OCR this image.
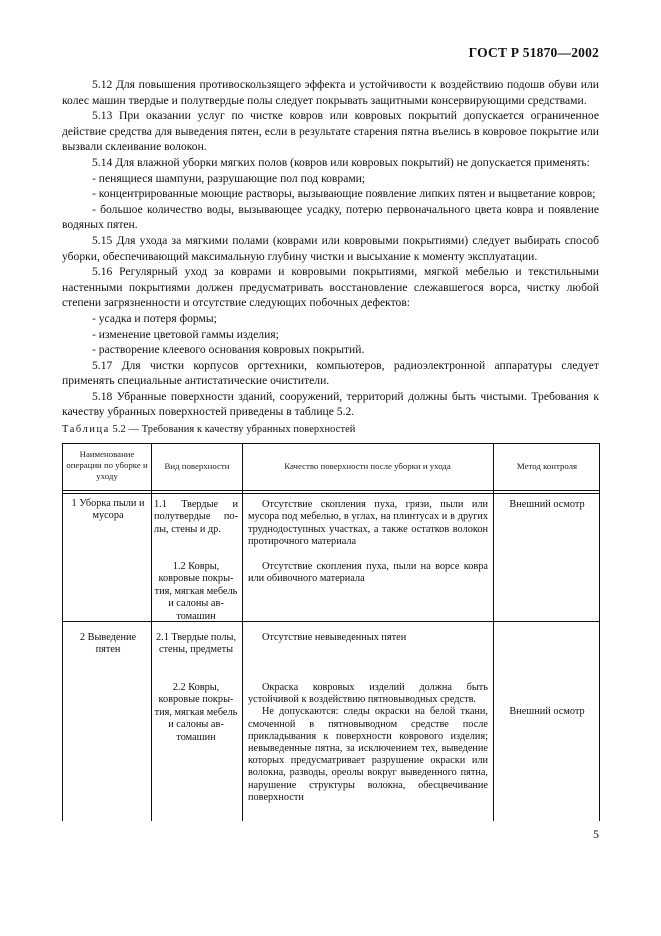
ГОСТ Р 51870—2002

5.12 Для повышения противоскользящего эффекта и устойчивости к воздействию подошв обуви или колес машин твердые и полутвердые полы следует покрывать защитными консервирующими средствами.

5.13 При оказании услуг по чистке ковров или ковровых покрытий допускается ограниченное действие средства для выведения пятен, если в результате старения пятна въелись в ковровое покрытие или вызвали склеивание волокон.

5.14 Для влажной уборки мягких полов (ковров или ковровых покрытий) не допускается применять:

- пенящиеся шампуни, разрушающие пол под коврами;

- концентрированные моющие растворы, вызывающие появление липких пятен и выцветание ковров;

- большое количество воды, вызывающее усадку, потерю первоначального цвета ковра и появление водяных пятен.

5.15 Для ухода за мягкими полами (коврами или ковровыми покрытиями) следует выбирать способ уборки, обеспечивающий максимальную глубину чистки и высыхание к моменту эксплуатации.

5.16 Регулярный уход за коврами и ковровыми покрытиями, мягкой мебелью и текстильными настенными покрытиями должен предусматривать восстановление слежавшегося ворса, чистку любой степени загрязненности и отсутствие следующих побочных дефектов:

- усадка и потеря формы;

- изменение цветовой гаммы изделия;

- растворение клеевого основания ковровых покрытий.

5.17 Для чистки корпусов оргтехники, компьютеров, радиоэлектронной аппаратуры следует применять специальные антистатические очистители.

5.18 Убранные поверхности зданий, сооружений, территорий должны быть чистыми. Требования к качеству убранных поверхностей приведены в таблице 5.2.

Таблица 5.2 — Требования к качеству убранных поверхностей
Наименование операции по уборке и уходу
Вид поверхности	Качество поверхности после уборки и ухода	Метод контроля
1 Уборка пыли и мусора
Внешний осмотр
1.1 Твердые и полутвердые полы, стены и др.
Отсутствие скопления пуха, грязи, пыли или мусора под мебелью, в углах, на плинтусах и в других труднодоступных участках, а также остатков волокон протирочного материала
1.2 Ковры, ковровые покрытия, мягкая мебель и салоны автомашин
Отсутствие скопления пуха, пыли на ворсе ковра или обивочного материала
2 Выведение пятен
Внешний осмотр
2.1 Твердые полы, стены, предметы
Отсутствие невыведенных пятен
2.2 Ковры, ковровые покрытия, мягкая мебель и салоны автомашин
Окраска ковровых изделий должна быть устойчивой к воздействию пятновыводных средств.
Не допускаются: следы окраски на белой ткани, смоченной в пятновыводном средстве после прикладывания к поверхности коврового изделия; невыведенные пятна, за исключением тех, выведение которых предусматривает разрушение окраски или волокна, разводы, ореолы вокруг выведенного пятна, нарушение структуры волокна, обесцвечивание поверхности
5
